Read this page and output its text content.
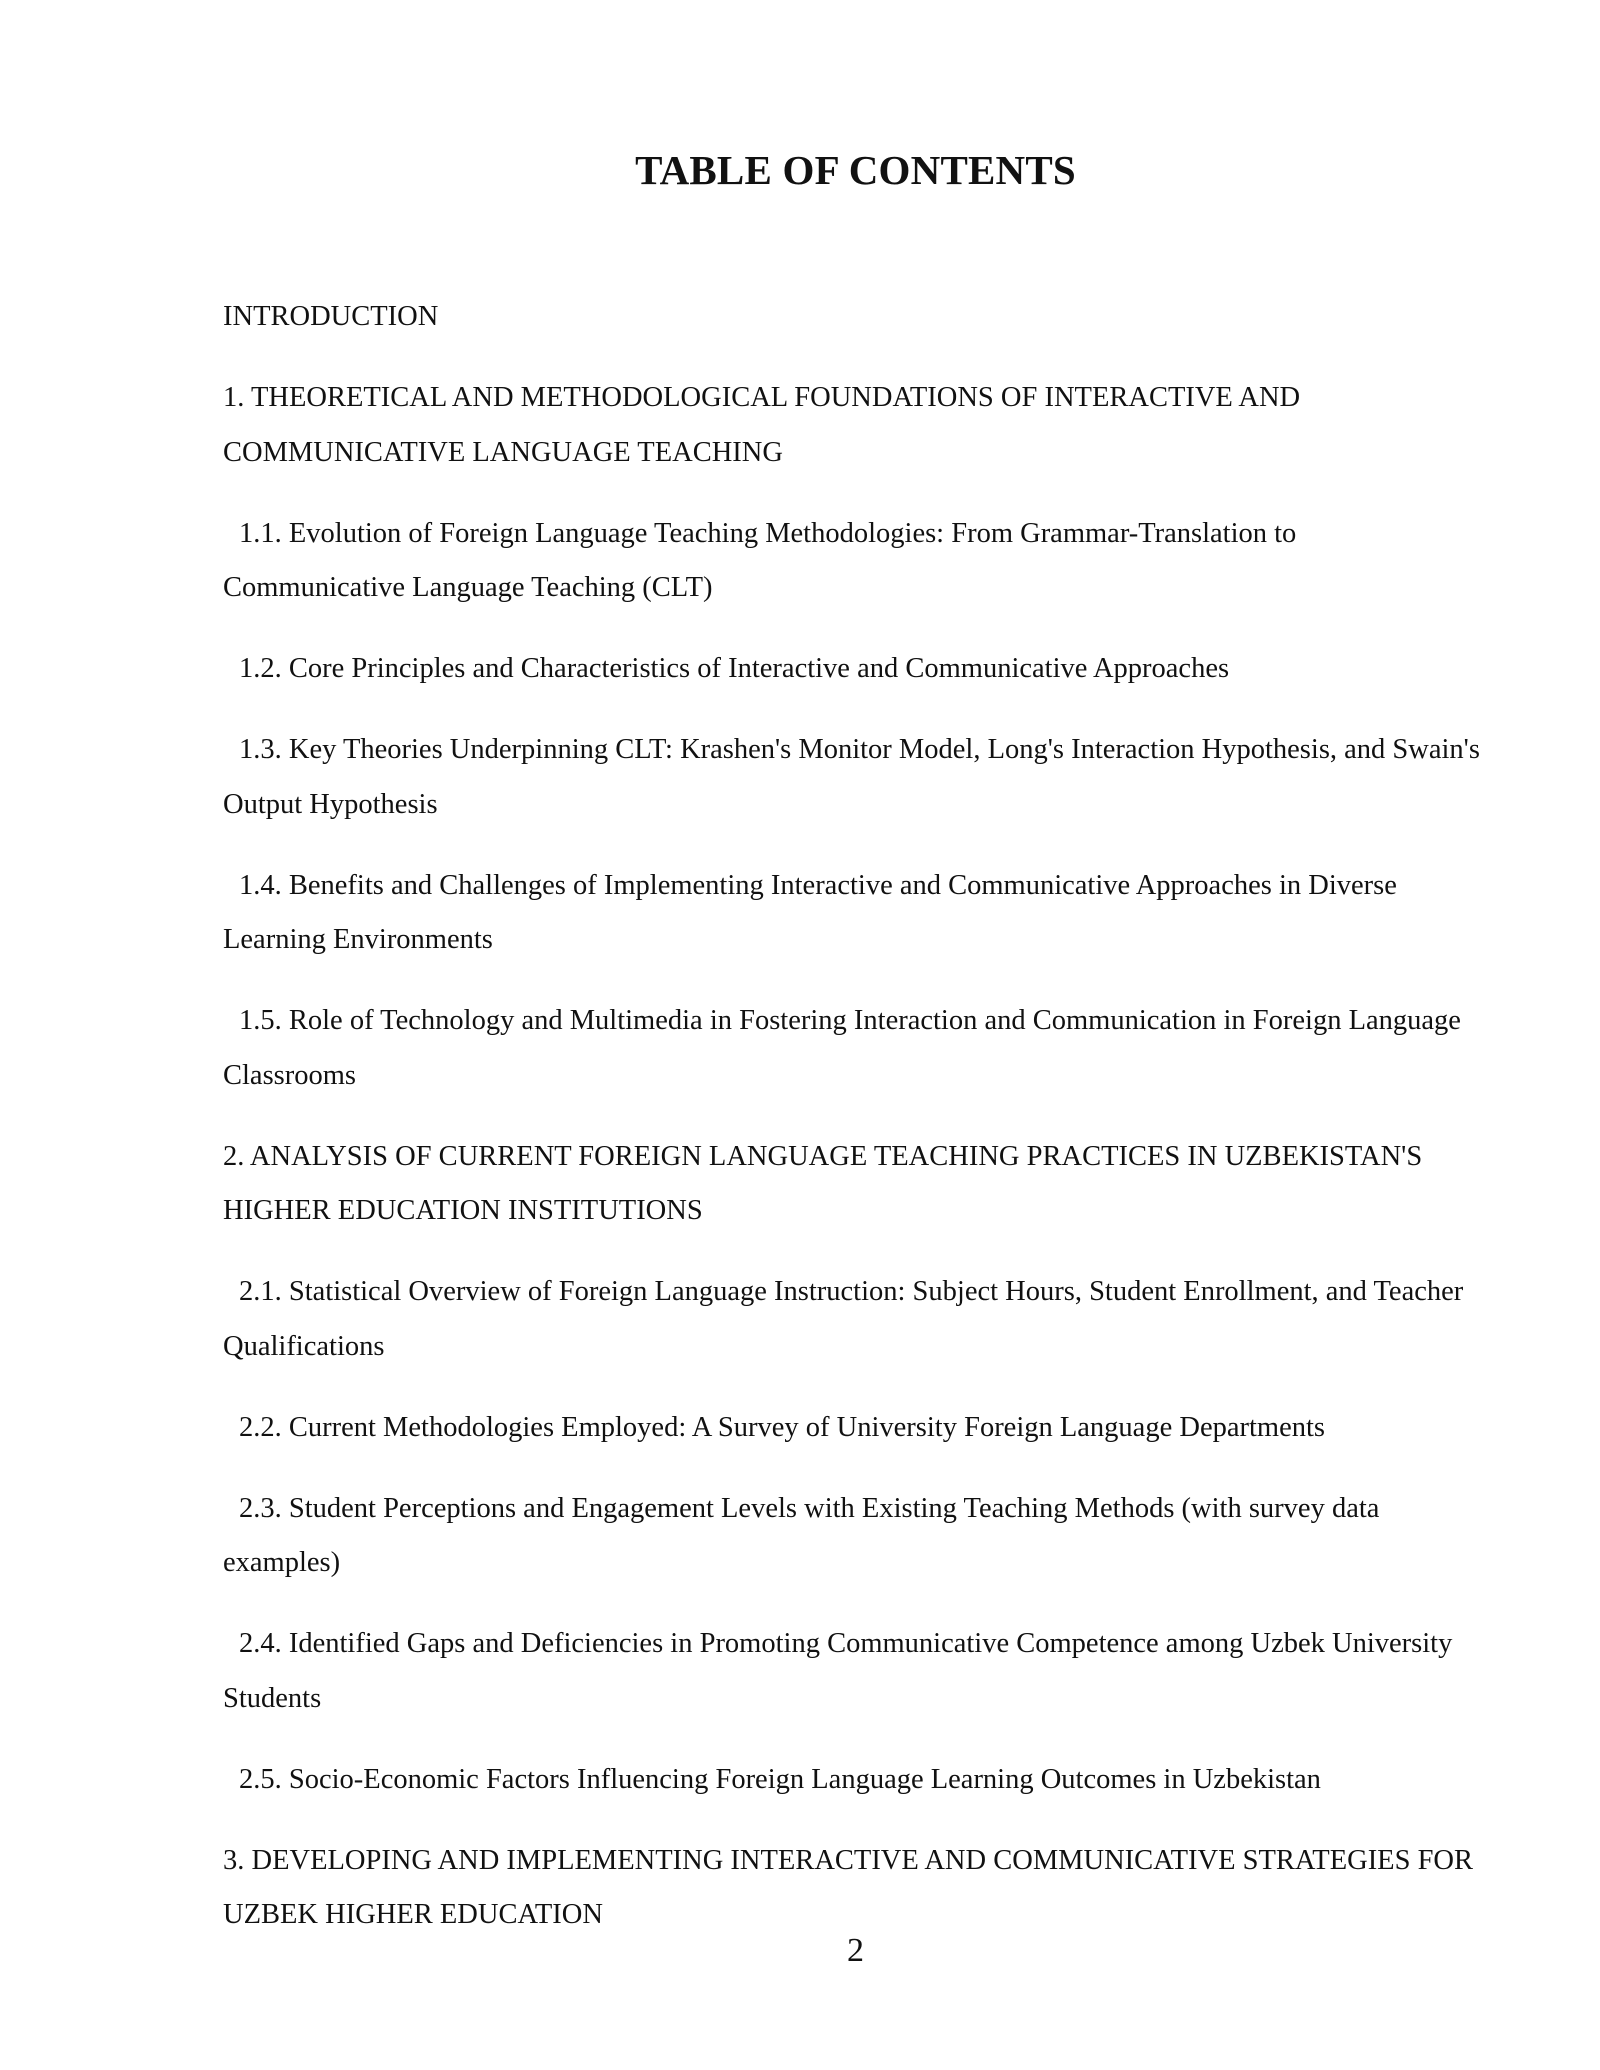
TABLE OF CONTENTS
INTRODUCTION
1. THEORETICAL AND METHODOLOGICAL FOUNDATIONS OF INTERACTIVE AND COMMUNICATIVE LANGUAGE TEACHING
1.1. Evolution of Foreign Language Teaching Methodologies: From Grammar-Translation to Communicative Language Teaching (CLT)
1.2. Core Principles and Characteristics of Interactive and Communicative Approaches
1.3. Key Theories Underpinning CLT: Krashen's Monitor Model, Long's Interaction Hypothesis, and Swain's Output Hypothesis
1.4. Benefits and Challenges of Implementing Interactive and Communicative Approaches in Diverse Learning Environments
1.5. Role of Technology and Multimedia in Fostering Interaction and Communication in Foreign Language Classrooms
2. ANALYSIS OF CURRENT FOREIGN LANGUAGE TEACHING PRACTICES IN UZBEKISTAN'S HIGHER EDUCATION INSTITUTIONS
2.1. Statistical Overview of Foreign Language Instruction: Subject Hours, Student Enrollment, and Teacher Qualifications
2.2. Current Methodologies Employed: A Survey of University Foreign Language Departments
2.3. Student Perceptions and Engagement Levels with Existing Teaching Methods (with survey data examples)
2.4. Identified Gaps and Deficiencies in Promoting Communicative Competence among Uzbek University Students
2.5. Socio-Economic Factors Influencing Foreign Language Learning Outcomes in Uzbekistan
3. DEVELOPING AND IMPLEMENTING INTERACTIVE AND COMMUNICATIVE STRATEGIES FOR UZBEK HIGHER EDUCATION
2
